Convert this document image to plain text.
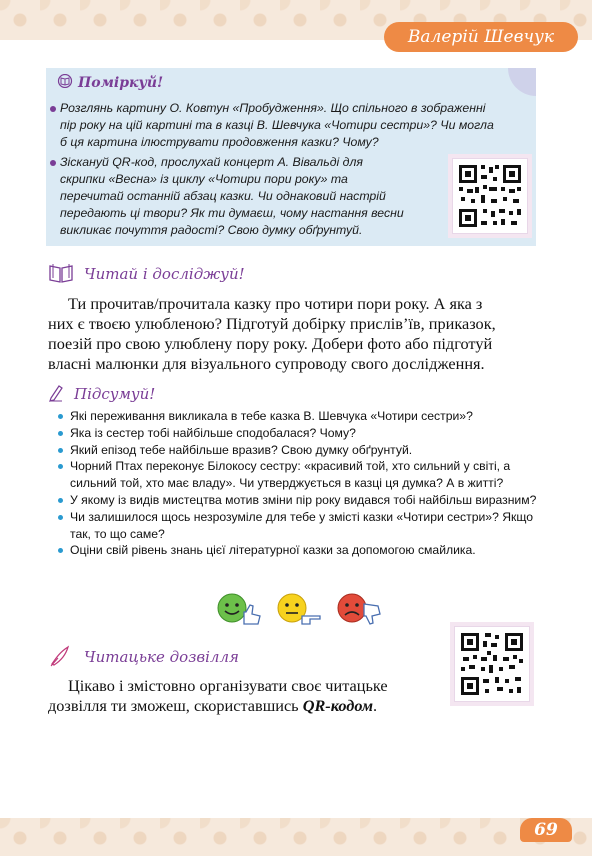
Валерій Шевчук
Поміркуй!
Розглянь картину О. Ковтун «Пробудження». Що спільного в зображенні
пір року на цій картині та в казці В. Шевчука «Чотири сестри»? Чи могла
б ця картина ілюструвати продовження казки? Чому?
Зіскануй QR-код, прослухай концерт А. Вівальді для
скрипки «Весна» із циклу «Чотири пори року» та
перечитай останній абзац казки. Чи однаковий настрій
передають ці твори? Як ти думаєш, чому настання весни
викликає почуття радості? Свою думку обґрунтуй.
Читай і досліджуй!
Ти прочитав/прочитала казку про чотири пори року. А яка з
них є твоєю улюбленою? Підготуй добірку прислів’їв, приказок,
поезій про свою улюблену пору року. Добери фото або підготуй
власні малюнки для візуального супроводу свого дослідження.
Підсумуй!
Які переживання викликала в тебе казка В. Шевчука «Чотири сестри»?
Яка із сестер тобі найбільше сподобалася? Чому?
Який епізод тебе найбільше вразив? Свою думку обґрунтуй.
Чорний Птах переконує Білокосу сестру: «красивий той, хто сильний у світі, а сильний той, хто має владу». Чи утверджується в казці ця думка? А в житті?
У якому із видів мистецтва мотив зміни пір року видався тобі найбільш виразним?
Чи залишилося щось незрозуміле для тебе у змісті казки «Чотири сестри»? Якщо так, то що саме?
Оціни свій рівень знань цієї літературної казки за допомогою смайлика.
Читацьке дозвілля
Цікаво і змістовно організувати своє читацьке
дозвілля ти зможеш, скориставшись QR-кодом.
69
